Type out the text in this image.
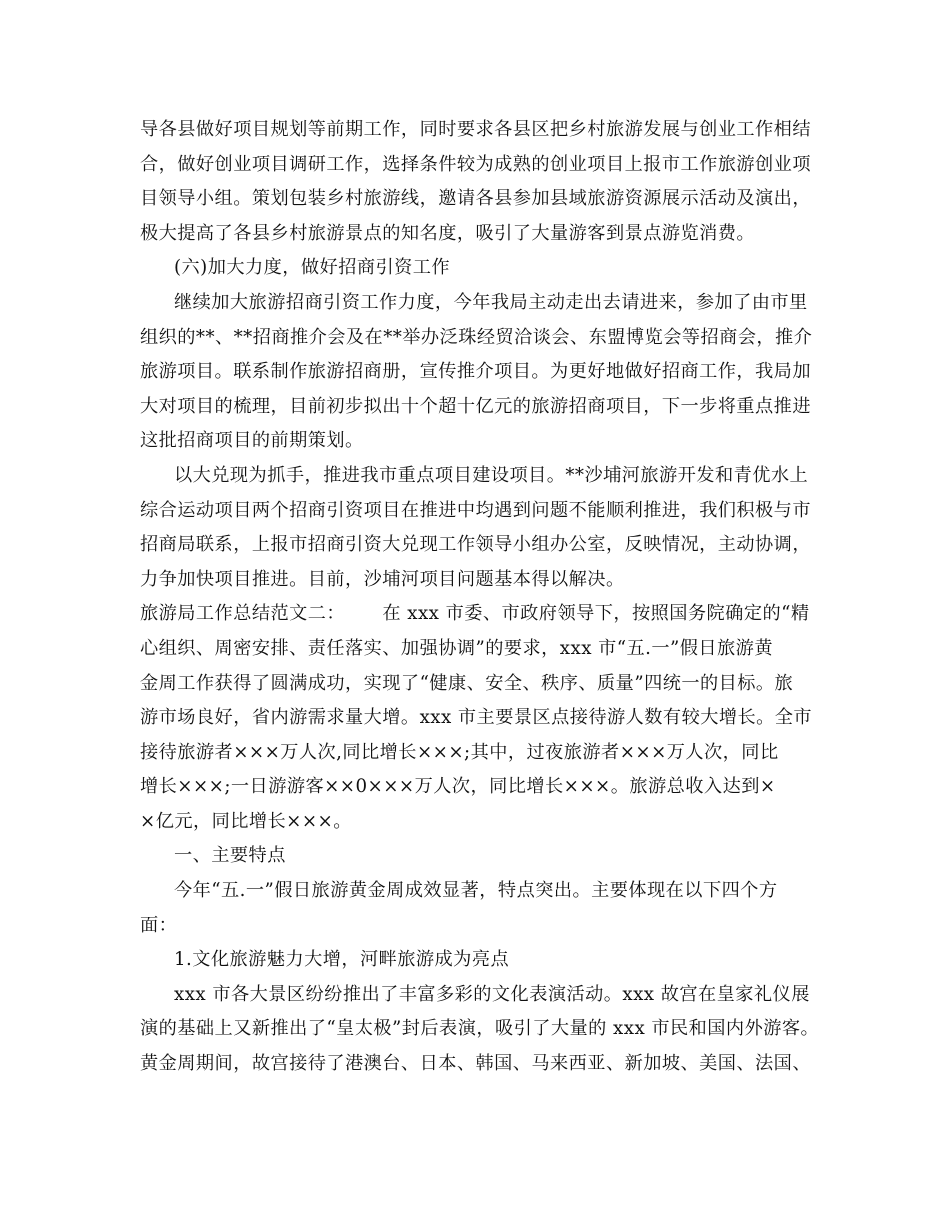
导各县做好项目规划等前期工作，同时要求各县区把乡村旅游发展与创业工作相结
合，做好创业项目调研工作，选择条件较为成熟的创业项目上报市工作旅游创业项
目领导小组。策划包装乡村旅游线，邀请各县参加县域旅游资源展示活动及演出，
极大提高了各县乡村旅游景点的知名度，吸引了大量游客到景点游览消费。
(六)加大力度，做好招商引资工作
继续加大旅游招商引资工作力度，今年我局主动走出去请进来，参加了由市里
组织的**、**招商推介会及在**举办泛珠经贸洽谈会、东盟博览会等招商会，推介
旅游项目。联系制作旅游招商册，宣传推介项目。为更好地做好招商工作，我局加
大对项目的梳理，目前初步拟出十个超十亿元的旅游招商项目，下一步将重点推进
这批招商项目的前期策划。
以大兑现为抓手，推进我市重点项目建设项目。**沙埔河旅游开发和青优水上
综合运动项目两个招商引资项目在推进中均遇到问题不能顺利推进，我们积极与市
招商局联系，上报市招商引资大兑现工作领导小组办公室，反映情况，主动协调，
力争加快项目推进。目前，沙埔河项目问题基本得以解决。
旅游局工作总结范文二：      在 xxx 市委、市政府领导下，按照国务院确定的“精
心组织、周密安排、责任落实、加强协调”的要求，xxx 市“五.一”假日旅游黄
金周工作获得了圆满成功，实现了“健康、安全、秩序、质量”四统一的目标。旅
游市场良好，省内游需求量大增。xxx 市主要景区点接待游人数有较大增长。全市
接待旅游者×××万人次,同比增长×××;其中，过夜旅游者×××万人次，同比
增长×××;一日游游客××0×××万人次，同比增长×××。旅游总收入达到×
×亿元，同比增长×××。
一、主要特点
今年“五.一”假日旅游黄金周成效显著，特点突出。主要体现在以下四个方
面：
1.文化旅游魅力大增，河畔旅游成为亮点
xxx 市各大景区纷纷推出了丰富多彩的文化表演活动。xxx 故宫在皇家礼仪展
演的基础上又新推出了“皇太极”封后表演，吸引了大量的 xxx 市民和国内外游客。
黄金周期间，故宫接待了港澳台、日本、韩国、马来西亚、新加坡、美国、法国、
